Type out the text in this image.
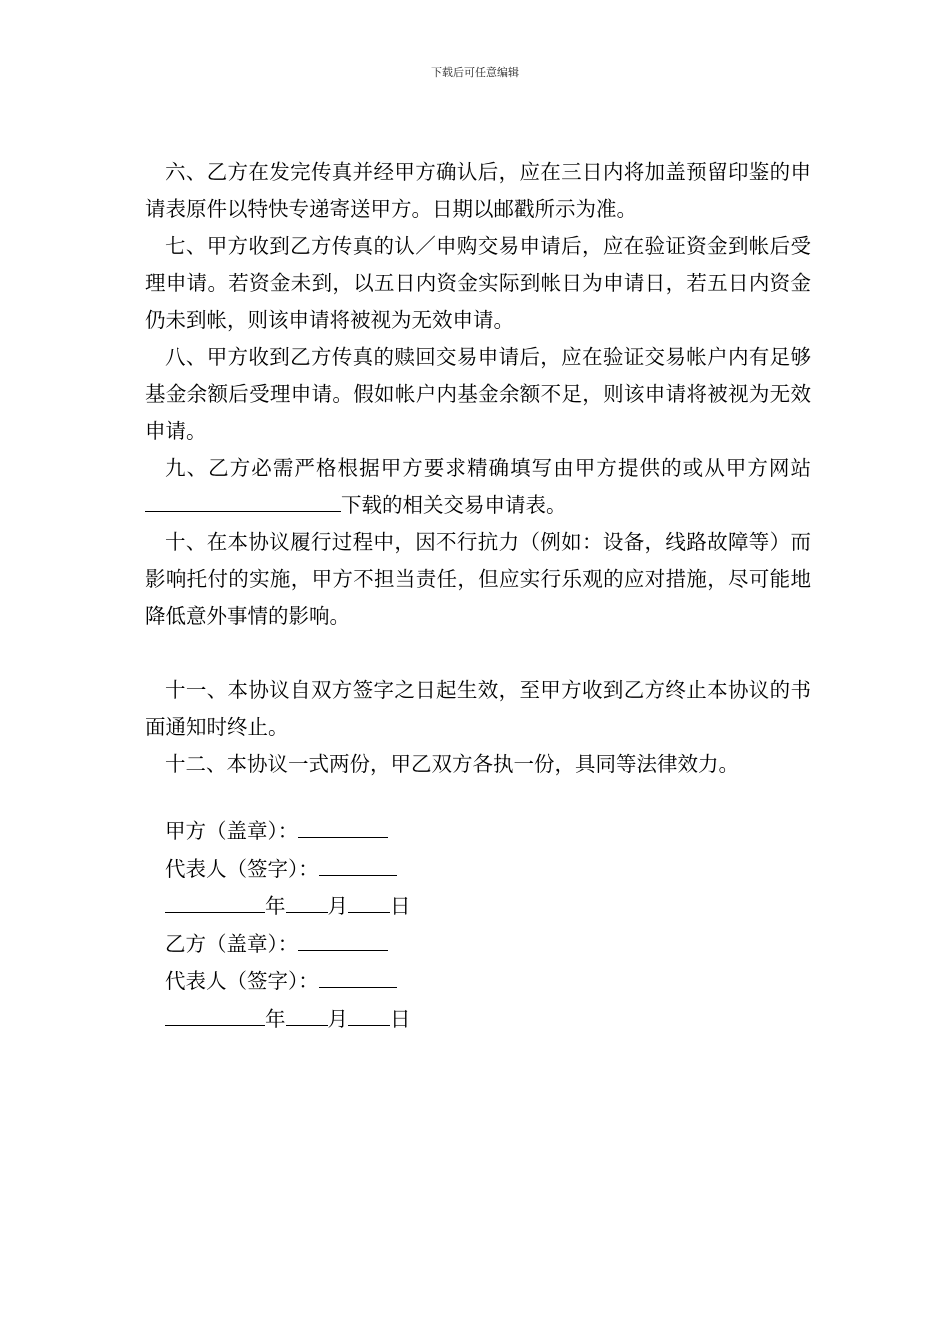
下载后可任意编辑

六、乙方在发完传真并经甲方确认后，应在三日内将加盖预留印鉴的申请表原件以特快专递寄送甲方。日期以邮戳所示为准。

七、甲方收到乙方传真的认／申购交易申请后，应在验证资金到帐后受理申请。若资金未到，以五日内资金实际到帐日为申请日，若五日内资金仍未到帐，则该申请将被视为无效申请。

八、甲方收到乙方传真的赎回交易申请后，应在验证交易帐户内有足够基金余额后受理申请。假如帐户内基金余额不足，则该申请将被视为无效申请。

九、乙方必需严格根据甲方要求精确填写由甲方提供的或从甲方网站下载的相关交易申请表。

十、在本协议履行过程中，因不行抗力（例如：设备，线路故障等）而影响托付的实施，甲方不担当责任，但应实行乐观的应对措施，尽可能地降低意外事情的影响。

十一、本协议自双方签字之日起生效，至甲方收到乙方终止本协议的书面通知时终止。

十二、本协议一式两份，甲乙双方各执一份，具同等法律效力。

甲方（盖章）：

代表人（签字）：

年 月 日

乙方（盖章）：

代表人（签字）：

年 月 日
